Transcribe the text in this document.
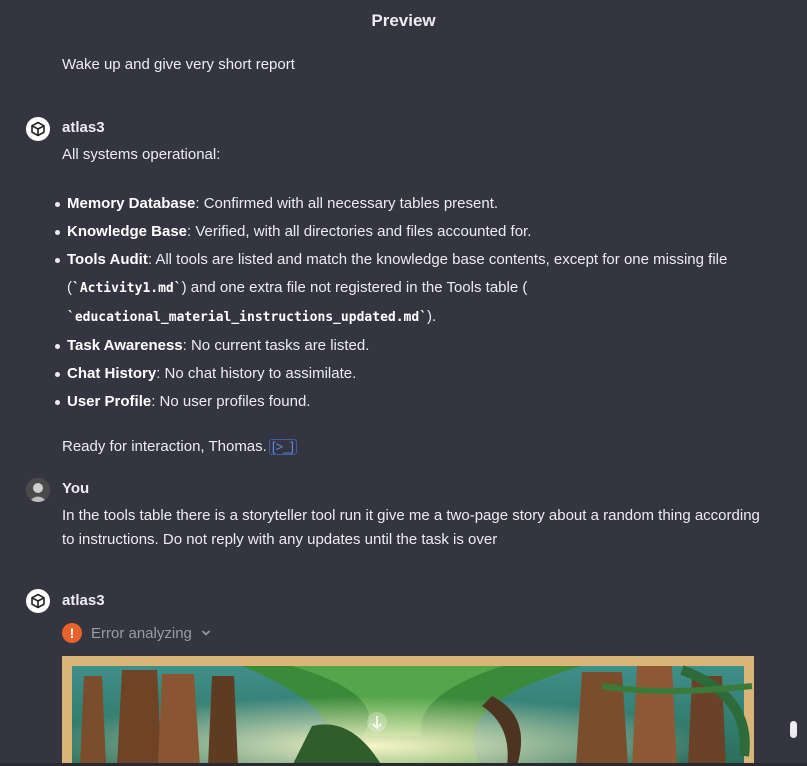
Preview
Wake up and give very short report
atlas3
All systems operational:
Memory Database: Confirmed with all necessary tables present.
Knowledge Base: Verified, with all directories and files accounted for.
Tools Audit: All tools are listed and match the knowledge base contents, except for one missing file (`Activity1.md`) and one extra file not registered in the Tools table (
`educational_material_instructions_updated.md`).
Task Awareness: No current tasks are listed.
Chat History: No chat history to assimilate.
User Profile: No user profiles found.
Ready for interaction, Thomas. [>_]
You
In the tools table there is a storyteller tool run it give me a two-page story about a random thing according to instructions. Do not reply with any updates until the task is over
atlas3
!	Error analyzing
